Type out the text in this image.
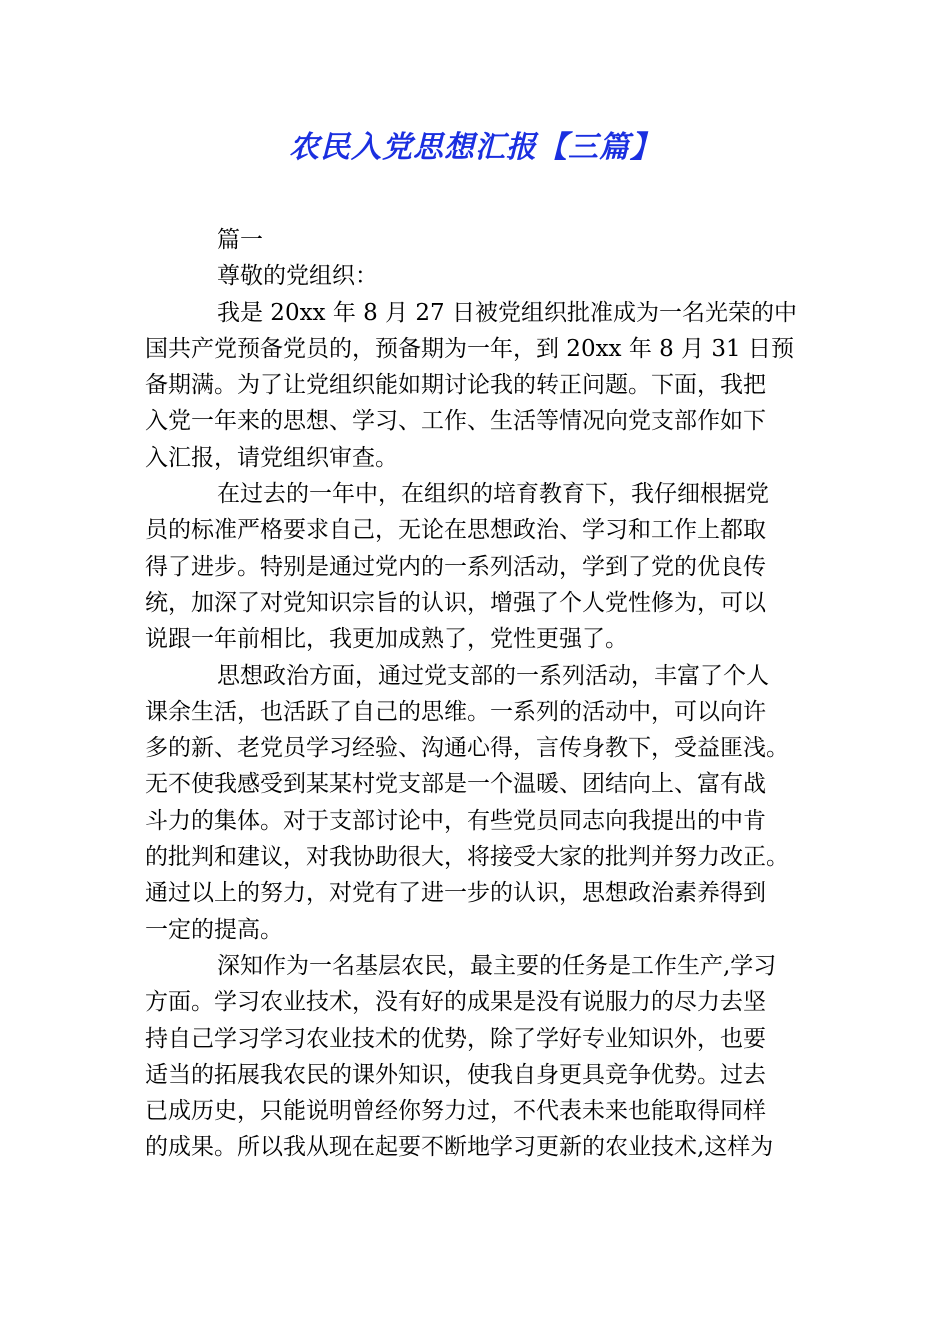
农民入党思想汇报【三篇】
篇一
尊敬的党组织：
我是 20xx 年 8 月 27 日被党组织批准成为一名光荣的中
国共产党预备党员的，预备期为一年，到 20xx 年 8 月 31 日预
备期满。为了让党组织能如期讨论我的转正问题。下面，我把
入党一年来的思想、学习、工作、生活等情况向党支部作如下
入汇报，请党组织审查。
在过去的一年中，在组织的培育教育下，我仔细根据党
员的标准严格要求自己，无论在思想政治、学习和工作上都取
得了进步。特别是通过党内的一系列活动，学到了党的优良传
统，加深了对党知识宗旨的认识，增强了个人党性修为，可以
说跟一年前相比，我更加成熟了，党性更强了。
思想政治方面，通过党支部的一系列活动，丰富了个人
课余生活，也活跃了自己的思维。一系列的活动中，可以向许
多的新、老党员学习经验、沟通心得，言传身教下，受益匪浅。
无不使我感受到某某村党支部是一个温暖、团结向上、富有战
斗力的集体。对于支部讨论中，有些党员同志向我提出的中肯
的批判和建议，对我协助很大，将接受大家的批判并努力改正。
通过以上的努力，对党有了进一步的认识，思想政治素养得到
一定的提高。
深知作为一名基层农民，最主要的任务是工作生产,学习
方面。学习农业技术，没有好的成果是没有说服力的尽力去坚
持自己学习学习农业技术的优势，除了学好专业知识外，也要
适当的拓展我农民的课外知识，使我自身更具竞争优势。过去
已成历史，只能说明曾经你努力过，不代表未来也能取得同样
的成果。所以我从现在起要不断地学习更新的农业技术,这样为
